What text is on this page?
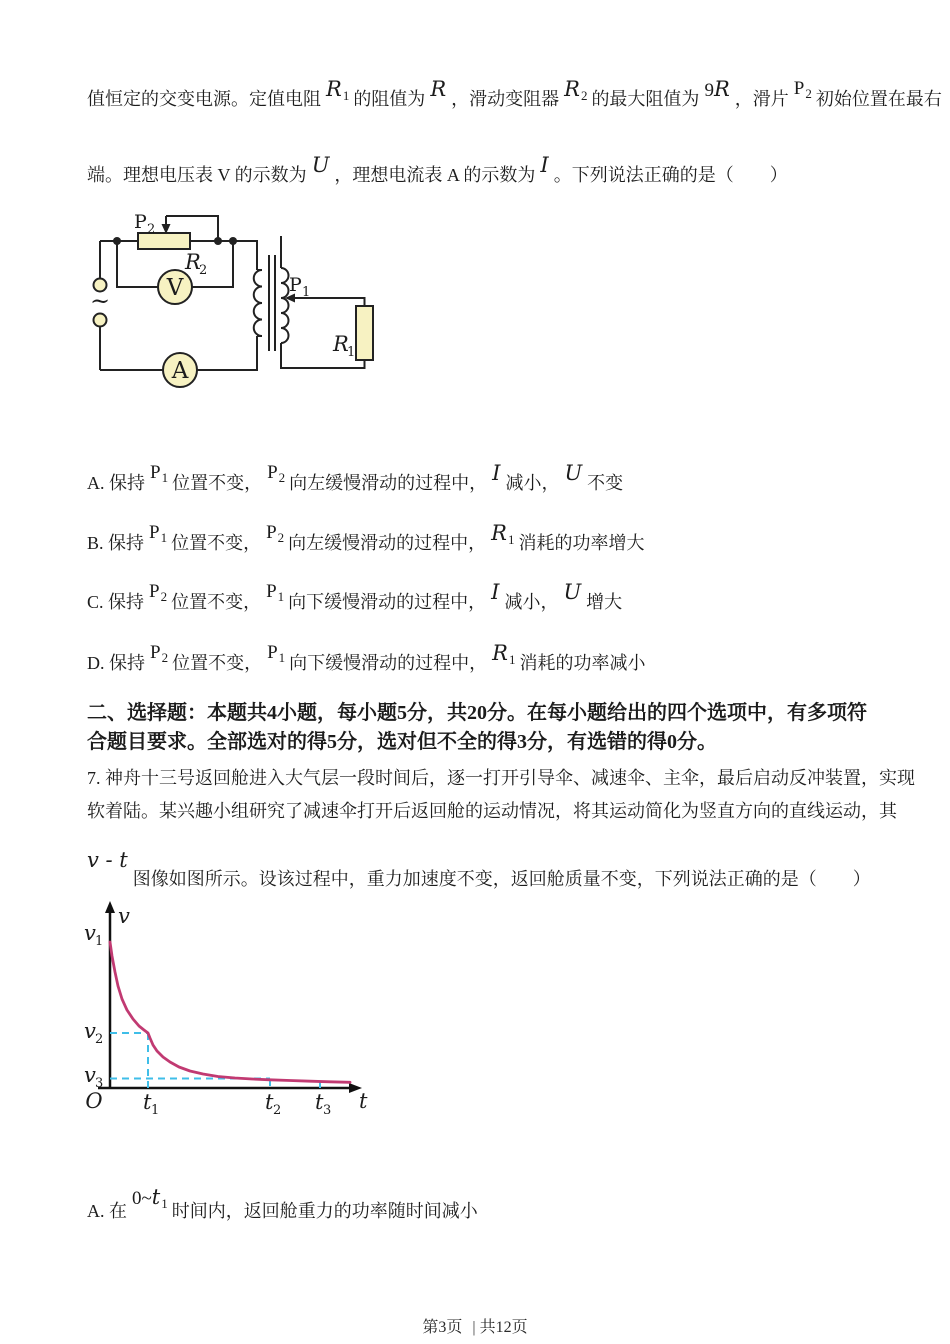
值恒定的交变电源。定值电阻 $R_1$ 的阻值为 R ，滑动变阻器 $R_2$ 的最大阻值为 9R ，滑片 $P_2$ 初始位置在最右
端。理想电压表 V 的示数为 U ，理想电流表 A 的示数为 I 。下列说法正确的是（　　）
~ V
A
P 2
R
2
P 1
R
1
A. 保持 $P_1$ 位置不变， $P_2$ 向左缓慢滑动的过程中， I 减小， U 不变
B. 保持 $P_1$ 位置不变， $P_2$ 向左缓慢滑动的过程中， $R_1$ 消耗的功率增大
C. 保持 $P_2$ 位置不变， $P_1$ 向下缓慢滑动的过程中， I 减小， U 增大
D. 保持 $P_2$ 位置不变， $P_1$ 向下缓慢滑动的过程中， $R_1$ 消耗的功率减小
二、选择题：本题共4小题，每小题5分，共20分。在每小题给出的四个选项中，有多项符
合题目要求。全部选对的得5分，选对但不全的得3分，有选错的得0分。
7. 神舟十三号返回舱进入大气层一段时间后，逐一打开引导伞、减速伞、主伞，最后启动反冲装置，实现
软着陆。某兴趣小组研究了减速伞打开后返回舱的运动情况，将其运动简化为竖直方向的直线运动，其
v - t图像如图所示。设该过程中，重力加速度不变，返回舱质量不变，下列说法正确的是（　　）
v
t
O
v 1
v 2
v 3
t 1	t 2 t 3
A. 在$0\sim t_1$ 时间内，返回舱重力的功率随时间减小
第3页 | 共12页
